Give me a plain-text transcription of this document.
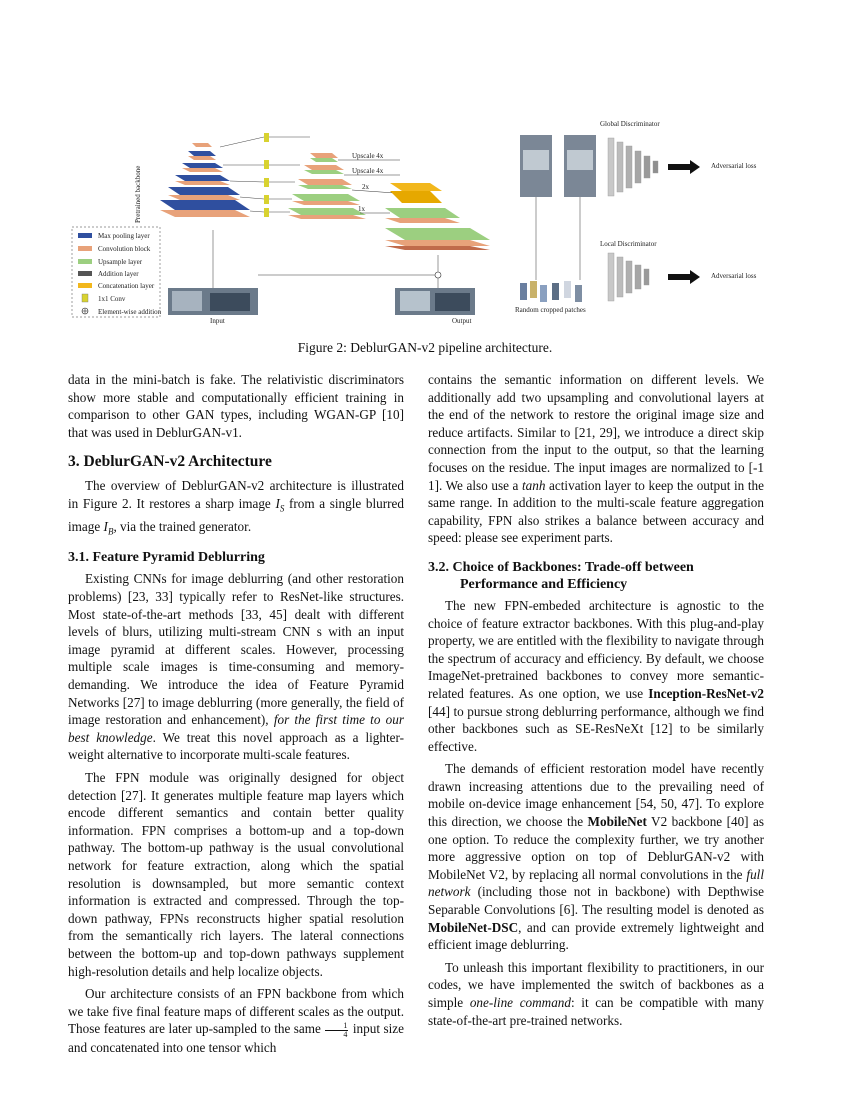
Max pooling layer
Convolution block
Upsample layer
Addition layer
Concatenation layer
1x1 Conv
Element-wise addition
Pretrained backbone
Upscale 4x
Upscale 4x
2x
1x
Input	Output
Random cropped patches
Global Discriminator
Adversarial loss
Local Discriminator
Adversarial loss
Figure 2: DeblurGAN-v2 pipeline architecture.

data in the mini-batch is fake. The relativistic discriminators show more stable and computationally efficient training in comparison to other GAN types, including WGAN-GP [10] that was used in DeblurGAN-v1.

3. DeblurGAN-v2 Architecture

The overview of DeblurGAN-v2 architecture is illustrated in Figure 2. It restores a sharp image $I_S$ from a single blurred image $I_B$, via the trained generator.

3.1. Feature Pyramid Deblurring

Existing CNNs for image deblurring (and other restoration problems) [23, 33] typically refer to ResNet-like structures. Most state-of-the-art methods [33, 45] dealt with different levels of blurs, utilizing multi-stream CNN s with an input image pyramid at different scales. However, processing multiple scale images is time-consuming and memory-demanding. We introduce the idea of Feature Pyramid Networks [27] to image deblurring (more generally, the field of image restoration and enhancement), for the first time to our best knowledge. We treat this novel approach as a lighter-weight alternative to incorporate multi-scale features.

The FPN module was originally designed for object detection [27]. It generates multiple feature map layers which encode different semantics and contain better quality information. FPN comprises a bottom-up and a top-down pathway. The bottom-up pathway is the usual convolutional network for feature extraction, along which the spatial resolution is downsampled, but more semantic context information is extracted and compressed. Through the top-down pathway, FPNs reconstructs higher spatial resolution from the semantically rich layers. The lateral connections between the bottom-up and top-down pathways supplement high-resolution details and help localize objects.

Our architecture consists of an FPN backbone from which we take five final feature maps of different scales as the output. Those features are later up-sampled to the same $\frac{1}{4}$ input size and concatenated into one tensor which

contains the semantic information on different levels. We additionally add two upsampling and convolutional layers at the end of the network to restore the original image size and reduce artifacts. Similar to [21, 29], we introduce a direct skip connection from the input to the output, so that the learning focuses on the residue. The input images are normalized to [-1 1]. We also use a tanh activation layer to keep the output in the same range. In addition to the multi-scale feature aggregation capability, FPN also strikes a balance between accuracy and speed: please see experiment parts.

3.2. Choice of Backbones: Trade-off between Performance and Efficiency

The new FPN-embeded architecture is agnostic to the choice of feature extractor backbones. With this plug-and-play property, we are entitled with the flexibility to navigate through the spectrum of accuracy and efficiency. By default, we choose ImageNet-pretrained backbones to convey more semantic-related features. As one option, we use Inception-ResNet-v2 [44] to pursue strong deblurring performance, although we find other backbones such as SE-ResNeXt [12] to be similarly effective.

The demands of efficient restoration model have recently drawn increasing attentions due to the prevailing need of mobile on-device image enhancement [54, 50, 47]. To explore this direction, we choose the MobileNet V2 backbone [40] as one option. To reduce the complexity further, we try another more aggressive option on top of DeblurGAN-v2 with MobileNet V2, by replacing all normal convolutions in the full network (including those not in backbone) with Depthwise Separable Convolutions [6]. The resulting model is denoted as MobileNet-DSC, and can provide extremely lightweight and efficient image deblurring.

To unleash this important flexibility to practitioners, in our codes, we have implemented the switch of backbones as a simple one-line command: it can be compatible with many state-of-the-art pre-trained networks.
